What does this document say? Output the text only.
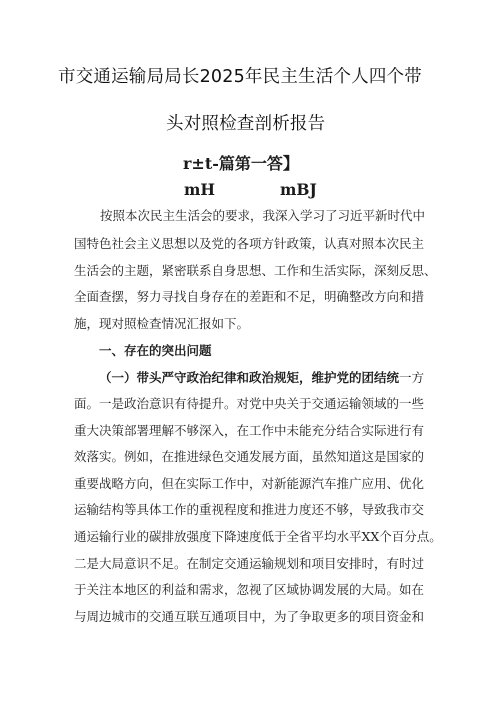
市交通运输局局长2025年民主生活个人四个带
头对照检查剖析报告
r±t-篇第一答】
mH	mBJ
按照本次民主生活会的要求，我深入学习了习近平新时代中
国特色社会主义思想以及党的各项方针政策，认真对照本次民主
生活会的主题，紧密联系自身思想、工作和生活实际，深刻反思、
全面查摆，努力寻找自身存在的差距和不足，明确整改方向和措
施，现对照检查情况汇报如下。
一、存在的突出问题
（一）带头严守政治纪律和政治规矩，维护党的团结统一方
面。一是政治意识有待提升。对党中央关于交通运输领域的一些
重大决策部署理解不够深入，在工作中未能充分结合实际进行有
效落实。例如，在推进绿色交通发展方面，虽然知道这是国家的
重要战略方向，但在实际工作中，对新能源汽车推广应用、优化
运输结构等具体工作的重视程度和推进力度还不够，导致我市交
通运输行业的碳排放强度下降速度低于全省平均水平XX个百分点。
二是大局意识不足。在制定交通运输规划和项目安排时，有时过
于关注本地区的利益和需求，忽视了区域协调发展的大局。如在
与周边城市的交通互联互通项目中，为了争取更多的项目资金和
